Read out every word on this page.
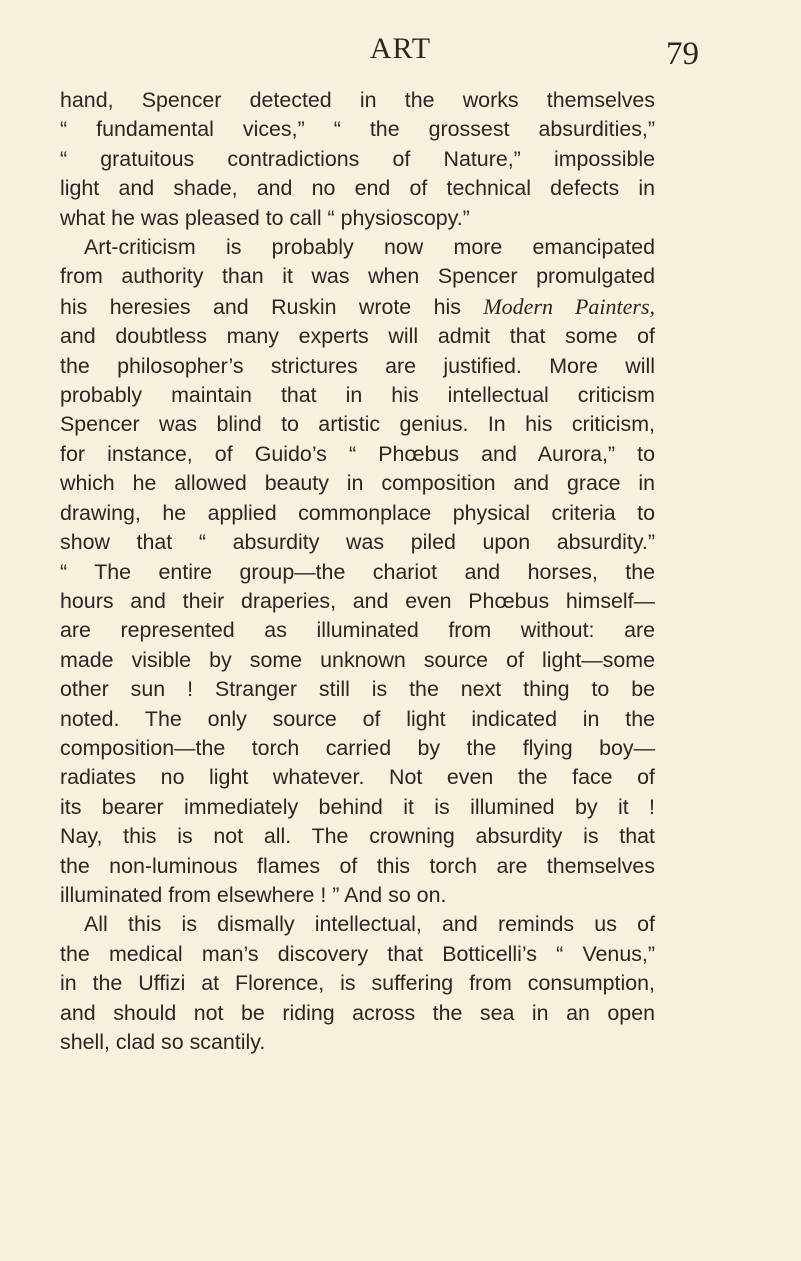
ART	79

hand, Spencer detected in the works themselves
“ fundamental vices,” “ the grossest absurdities,”
“ gratuitous contradictions of Nature,” impossible
light and shade, and no end of technical defects in
what he was pleased to call “ physioscopy.”

Art-criticism is probably now more emancipated
from authority than it was when Spencer promulgated
his heresies and Ruskin wrote his Modern Painters,
and doubtless many experts will admit that some of
the philosopher’s strictures are justified. More will
probably maintain that in his intellectual criticism
Spencer was blind to artistic genius. In his criticism,
for instance, of Guido’s “ Phœbus and Aurora,” to
which he allowed beauty in composition and grace in
drawing, he applied commonplace physical criteria to
show that “ absurdity was piled upon absurdity.”
“ The entire group—the chariot and horses, the
hours and their draperies, and even Phœbus himself—
are represented as illuminated from without: are
made visible by some unknown source of light—some
other sun ! Stranger still is the next thing to be
noted. The only source of light indicated in the
composition—the torch carried by the flying boy—
radiates no light whatever. Not even the face of
its bearer immediately behind it is illumined by it !
Nay, this is not all. The crowning absurdity is that
the non-luminous flames of this torch are themselves
illuminated from elsewhere ! ” And so on.

All this is dismally intellectual, and reminds us of
the medical man’s discovery that Botticelli’s “ Venus,”
in the Uffizi at Florence, is suffering from consumption,
and should not be riding across the sea in an open
shell, clad so scantily.
